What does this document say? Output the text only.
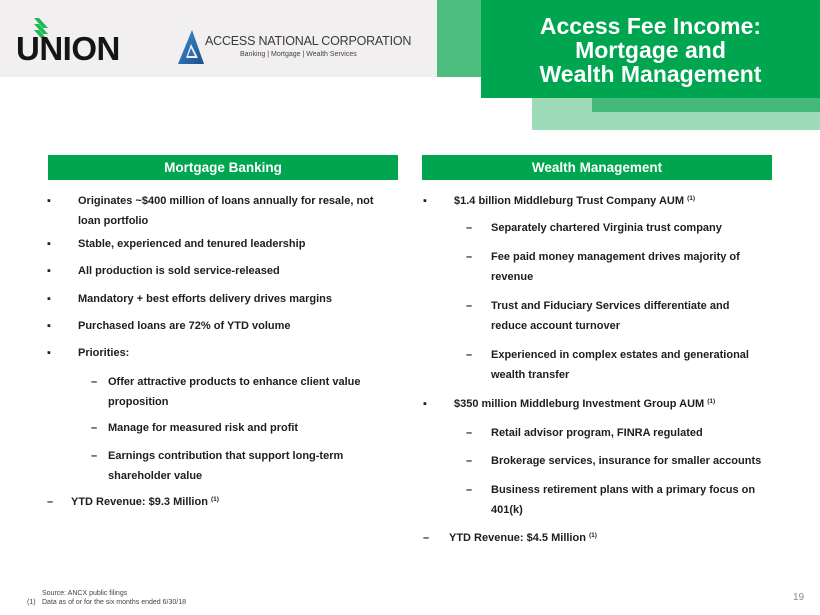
Access Fee Income:
Mortgage and
Wealth Management
UNION	ACCESS NATIONAL CORPORATION
Banking | Mortgage | Wealth Services
Mortgage Banking	Wealth Management
▪ Originates ~$400 million of loans annually for resale, not
loan portfolio
▪ Stable, experienced and tenured leadership
▪ All production is sold service-released
▪ Mandatory + best efforts delivery drives margins
▪ Purchased loans are 72% of YTD volume
▪ Priorities:
– Offer attractive products to enhance client value
proposition
– Manage for measured risk and profit
– Earnings contribution that support long-term
shareholder value
– YTD Revenue: $9.3 Million $^{(1)}$
▪ $1.4 billion Middleburg Trust Company AUM $^{(1)}$
– Separately chartered Virginia trust company
– Fee paid money management drives majority of
revenue
– Trust and Fiduciary Services differentiate and
reduce account turnover
– Experienced in complex estates and generational
wealth transfer
▪ $350 million Middleburg Investment Group AUM $^{(1)}$
– Retail advisor program, FINRA regulated
– Brokerage services, insurance for smaller accounts
– Business retirement plans with a primary focus on
401(k)
– YTD Revenue: $4.5 Million $^{(1)}$
Source: ANCX public filings
(1) Data as of or for the six months ended 6/30/18	19
